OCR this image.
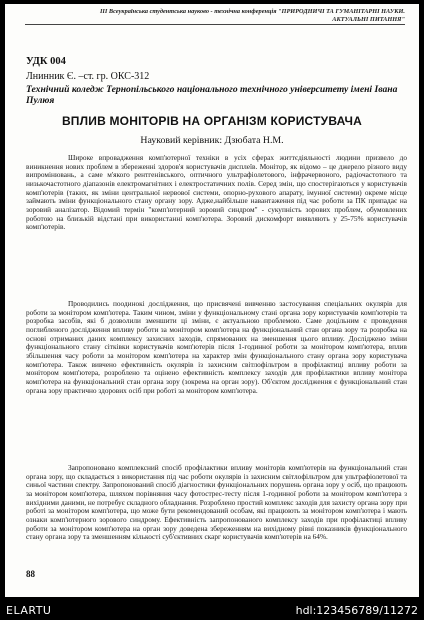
ІІІ Всеукраїнська студентська науково - технічна конференція "ПРИРОДНИЧІ ТА ГУМАНІТАРНІ НАУКИ.
АКТУАЛЬНІ ПИТАННЯ"
УДК 004
Лнинник Є. –ст. гр. ОКС-312
Технічний коледж Тернопільського національного технічного університету імені Івана Пулюя
ВПЛИВ МОНІТОРІВ НА ОРГАНІЗМ КОРИСТУВАЧА
Науковий керівник: Дзюбата Н.М.

Широке впровадження комп'ютерної техніки в усіх сферах життєдіяльності людини призвело до виникнення нових проблем в збереженні здоров'я користувачів дисплеїв. Монітор, як відомо – це джерело різного виду випромінювань, а саме м'якого рентгенівського, оптичного ультрафіолетового, інфрачервоного, радіочастотного та низькочастотного діапазонів електромагнітних і електростатичних полів. Серед змін, що спостерігаються у користувачів комп'ютерів (таких, як зміни центральної нервової системи, опорно-рухового апарату, імунної системи) окреме місце займають зміни функціонального стану органу зору. Адже,найбільше навантаження під час роботи за ПК припадає на зоровий аналізатор. Відомий термін "комп'ютерний зоровий синдром" - сукупність зорових проблем, обумовлених роботою на близькій відстані при використанні комп'ютера. Зоровий дискомфорт виявляють у 25-75% користувачів комп'ютерів.

Проводились поодинокі дослідження, що присвячені вивченню застосування спеціальних окулярів для роботи за монітором комп'ютера. Таким чином, зміни у функціональному стані органа зору користувачів комп'ютерів та розробка засобів, які б дозволили зменшити ці зміни, є актуальною проблемою. Саме доцільним є проведення поглибленого дослідження впливу роботи за монітором комп'ютера на функціональний стан органа зору та розробка на основі отриманих даних комплексу захисних заходів, спрямованих на зменшення цього впливу. Досліджено зміни функціонального стану сітківки користувачів комп'ютерів після 1-годинної роботи за монітором комп'ютера, вплив збільшення часу роботи за монітором комп'ютера на характер змін функціонального стану органа зору користувача комп'ютера. Також вивчено ефективність окулярів із захисним світлофільтром в профілактиці впливу роботи за монітором комп'ютера, розроблено та оцінено ефективність комплексу заходів для профілактики впливу монітора комп'ютера на функціональний стан органа зору (зокрема на орган зору). Об'єктом дослідження є функціональний стан органа зору практично здорових осіб при роботі за монітором комп'ютера.

Запропоновано комплексний спосіб профілактики впливу моніторів комп'ютерів на функціональний стан органа зору, що складається з використання під час роботи окулярів із захисним світлофільтром для ультрафіолетової та синьої частини спектру. Запропонований спосіб діагностики функціональних порушень органа зору у осіб, що працюють за монітором комп'ютера, шляхом порівняння часу фотострес-тесту після 1-годинної роботи за монітором комп'ютера з вихідними даними, не потребує складного обладнання. Розроблено простий комплекс заходів для захисту органа зору при роботі за монітором комп'ютера, що може бути рекомендований особам, які працюють за монітором комп'ютера і мають ознаки комп'ютерного зорового синдрому. Ефективність запропонованого комплексу заходів при профілактиці впливу роботи за монітором комп'ютера на орган зору доведена збереженням на вихідному рівні показників функціонального стану органа зору та зменшенням кількості суб'єктивних скарг користувачів комп'ютерів на 64%.

88
ELARTU	hdl:123456789/11272
